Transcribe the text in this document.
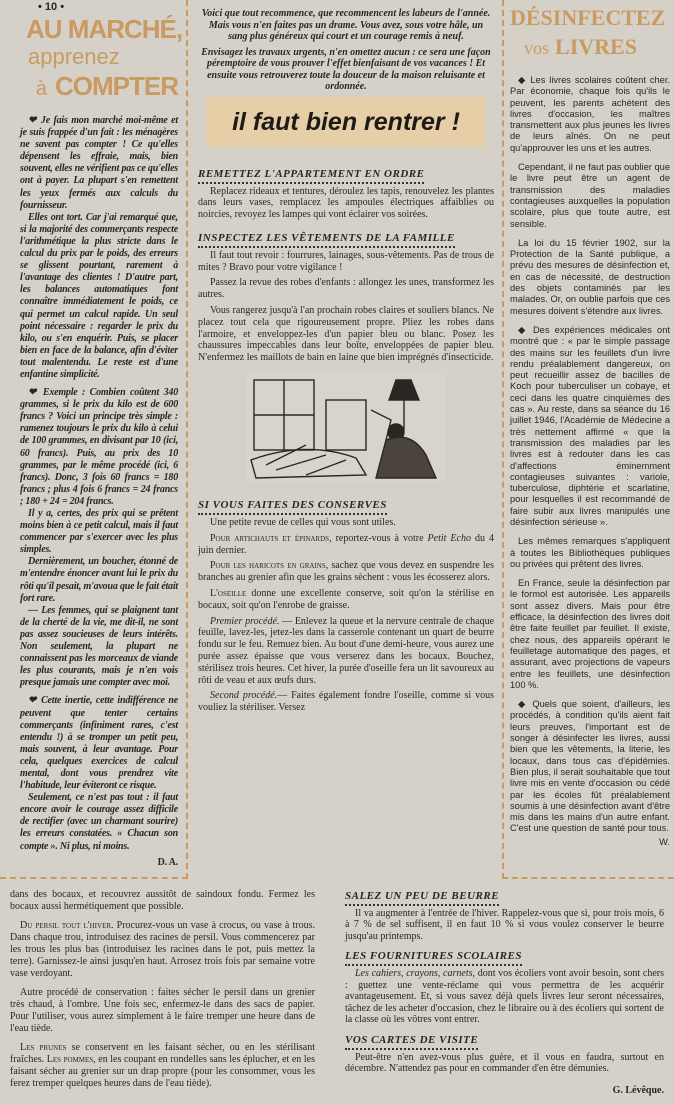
• 10 •
AU MARCHÉ,
apprenez
à COMPTER

❤ Je fais mon marché moi-même et je suis frappée d'un fait : les ménagères ne savent pas compter ! Ce qu'elles dépensent les effraie, mais, bien souvent, elles ne vérifient pas ce qu'elles ont à payer. La plupart s'en remettent les yeux fermés aux calculs du fournisseur.

Elles ont tort. Car j'ai remarqué que, si la majorité des commerçants respecte l'arithmétique la plus stricte dans le calcul du prix par le poids, des erreurs se glissent pourtant, rarement à l'avantage des clientes ! D'autre part, les balances automatiques font connaître immédiatement le poids, ce qui permet un calcul rapide. Un seul point nécessaire : regarder le prix du kilo, ou s'en enquérir. Puis, se placer bien en face de la balance, afin d'éviter tout malentendu. Le reste est d'une enfantine simplicité.

❤ Exemple : Combien coûtent 340 grammes, si le prix du kilo est de 600 francs ? Voici un principe très simple : ramenez toujours le prix du kilo à celui de 100 grammes, en divisant par 10 (ici, 60 francs). Puis, au prix des 10 grammes, par le même procédé (ici, 6 francs). Donc, 3 fois 60 francs = 180 francs ; plus 4 fois 6 francs = 24 francs ; 180 + 24 = 204 francs.

Il y a, certes, des prix qui se prêtent moins bien à ce petit calcul, mais il faut commencer par s'exercer avec les plus simples.

Dernièrement, un boucher, étonné de m'entendre énoncer avant lui le prix du rôti qu'il pesait, m'avoua que le fait était fort rare.

— Les femmes, qui se plaignent tant de la cherté de la vie, me dit-il, ne sont pas assez soucieuses de leurs intérêts. Non seulement, la plupart ne connaissent pas les morceaux de viande les plus courants, mais je n'en vois presque jamais une compter avec moi.

❤ Cette inertie, cette indifférence ne peuvent que tenter certains commerçants (infiniment rares, c'est entendu !) à se tromper un petit peu, mais souvent, à leur avantage. Pour cela, quelques exercices de calcul mental, dont vous prendrez vite l'habitude, leur éviteront ce risque.

Seulement, ce n'est pas tout : il faut encore avoir le courage assez difficile de rectifier (avec un charmant sourire) les erreurs constatées. « Chacun son compte ». Ni plus, ni moins.

D. A.

Voici que tout recommence, que recommencent les labeurs de l'année. Mais vous n'en faites pas un drame. Vous avez, sous votre hâle, un sang plus généreux qui court et un courage remis à neuf.

Envisagez les travaux urgents, n'en omettez aucun : ce sera une façon péremptoire de vous prouver l'effet bienfaisant de vos vacances ! Et ensuite vous retrouverez toute la douceur de la maison reluisante et ordonnée.

il faut bien rentrer !
REMETTEZ L'APPARTEMENT EN ORDRE

Replacez rideaux et tentures, déroulez les tapis, renouvelez les plantes dans leurs vases, remplacez les ampoules électriques affaiblies ou noircies, revoyez les lampes qui vont éclairer vos soirées.

INSPECTEZ LES VÊTEMENTS DE LA FAMILLE

Il faut tout revoir : fourrures, lainages, sous-vêtements. Pas de trous de mites ? Bravo pour votre vigilance !

Passez la revue des robes d'enfants : allongez les unes, transformez les autres.

Vous rangerez jusqu'à l'an prochain robes claires et souliers blancs. Ne placez tout cela que rigoureusement propre. Pliez les robes dans l'armoire, et enveloppez-les d'un papier bleu ou blanc. Posez les chaussures impeccables dans leur boîte, enveloppées de papier bleu. N'enfermez les maillots de bain en laine que bien imprégnés d'insecticide.

SI VOUS FAITES DES CONSERVES

Une petite revue de celles qui vous sont utiles.

Pour artichauts et épinards, reportez-vous à votre Petit Echo du 4 juin dernier.

Pour les haricots en grains, sachez que vous devez en suspendre les branches au grenier afin que les grains sèchent : vous les écosserez alors.

L'oseille donne une excellente conserve, soit qu'on la stérilise en bocaux, soit qu'on l'enrobe de graisse.

Premier procédé. — Enlevez la queue et la nervure centrale de chaque feuille, lavez-les, jetez-les dans la casserole contenant un quart de beurre fondu sur le feu. Remuez bien. Au bout d'une demi-heure, vous aurez une purée assez épaisse que vous verserez dans les bocaux. Bouchez, stérilisez trois heures. Cet hiver, la purée d'oseille fera un lit savoureux au rôti de veau et aux œufs durs.

Second procédé.— Faites également fondre l'oseille, comme si vous vouliez la stériliser. Versez

DÉSINFECTEZ
vos LIVRES

◆ Les livres scolaires coûtent cher. Par économie, chaque fois qu'ils le peuvent, les parents achètent des livres d'occasion, les maîtres transmettent aux plus jeunes les livres de leurs aînés. On ne peut qu'approuver les uns et les autres.

Cependant, il ne faut pas oublier que le livre peut être un agent de transmission des maladies contagieuses auxquelles la population scolaire, plus que toute autre, est sensible.

La loi du 15 février 1902, sur la Protection de la Santé publique, a prévu des mesures de désinfection et, en cas de nécessité, de destruction des objets contaminés par les malades. Or, on oublie parfois que ces mesures doivent s'étendre aux livres.

◆ Des expériences médicales ont montré que : « par le simple passage des mains sur les feuillets d'un livre rendu préalablement dangereux, on peut recueillir assez de bacilles de Koch pour tuberculiser un cobaye, et ceci dans les quatre cinquièmes des cas ». Au reste, dans sa séance du 16 juillet 1946, l'Académie de Médecine a très nettement affirmé « que la transmission des maladies par les livres est à redouter dans les cas d'affections éminemment contagieuses suivantes : variole, tuberculose, diphtérie et scarlatine, pour lesquelles il est recommandé de faire subir aux livres manipulés une désinfection sérieuse ».

Les mêmes remarques s'appliquent à toutes les Bibliothèques publiques ou privées qui prêtent des livres.

En France, seule la désinfection par le formol est autorisée. Les appareils sont assez divers. Mais pour être efficace, la désinfection des livres doit être faite feuillet par feuillet. Il existe, chez nous, des appareils opérant le feuilletage automatique des pages, et assurant, avec projections de vapeurs entre les feuillets, une désinfection 100 %.

◆ Quels que soient, d'ailleurs, les procédés, à condition qu'ils aient fait leurs preuves, l'important est de songer à désinfecter les livres, aussi bien que les vêtements, la literie, les locaux, dans tous cas d'épidémies. Bien plus, il serait souhaitable que tout livre mis en vente d'occasion ou cédé par les écoles fût préalablement soumis à une désinfection avant d'être mis dans les mains d'un autre enfant. C'est une question de santé pour tous.

W.

dans des bocaux, et recouvrez aussitôt de saindoux fondu. Fermez les bocaux aussi hermétiquement que possible.

Du persil tout l'hiver. Procurez-vous un vase à crocus, ou vase à trous. Dans chaque trou, introduisez des racines de persil. Vous commencerez par les trous les plus bas (introduisez les racines dans le pot, puis mettez la terre). Garnissez-le ainsi jusqu'en haut. Arrosez trois fois par semaine votre vase verdoyant.

Autre procédé de conservation : faites sécher le persil dans un grenier très chaud, à l'ombre. Une fois sec, enfermez-le dans des sacs de papier. Pour l'utiliser, vous aurez simplement à le faire tremper une heure dans de l'eau tiède.

Les prunes se conservent en les faisant sécher, ou en les stérilisant fraîches. Les pommes, en les coupant en rondelles sans les éplucher, et en les faisant sécher au grenier sur un drap propre (pour les consommer, vous les ferez tremper quelques heures dans de l'eau tiède).

SALEZ UN PEU DE BEURRE

Il va augmenter à l'entrée de l'hiver. Rappelez-vous que si, pour trois mois, 6 à 7 % de sel suffisent, il en faut 10 % si vous voulez conserver le beurre jusqu'au printemps.

LES FOURNITURES SCOLAIRES

Les cahiers, crayons, carnets, dont vos écoliers vont avoir besoin, sont chers : guettez une vente-réclame qui vous permettra de les acquérir avantageusement. Et, si vous savez déjà quels livres leur seront nécessaires, tâchez de les acheter d'occasion, chez le libraire ou à des écoliers qui sortent de la classe où les vôtres vont entrer.

VOS CARTES DE VISITE

Peut-être n'en avez-vous plus guère, et il vous en faudra, surtout en décembre. N'attendez pas pour en commander d'en être démunies.

G. Lévêque.
